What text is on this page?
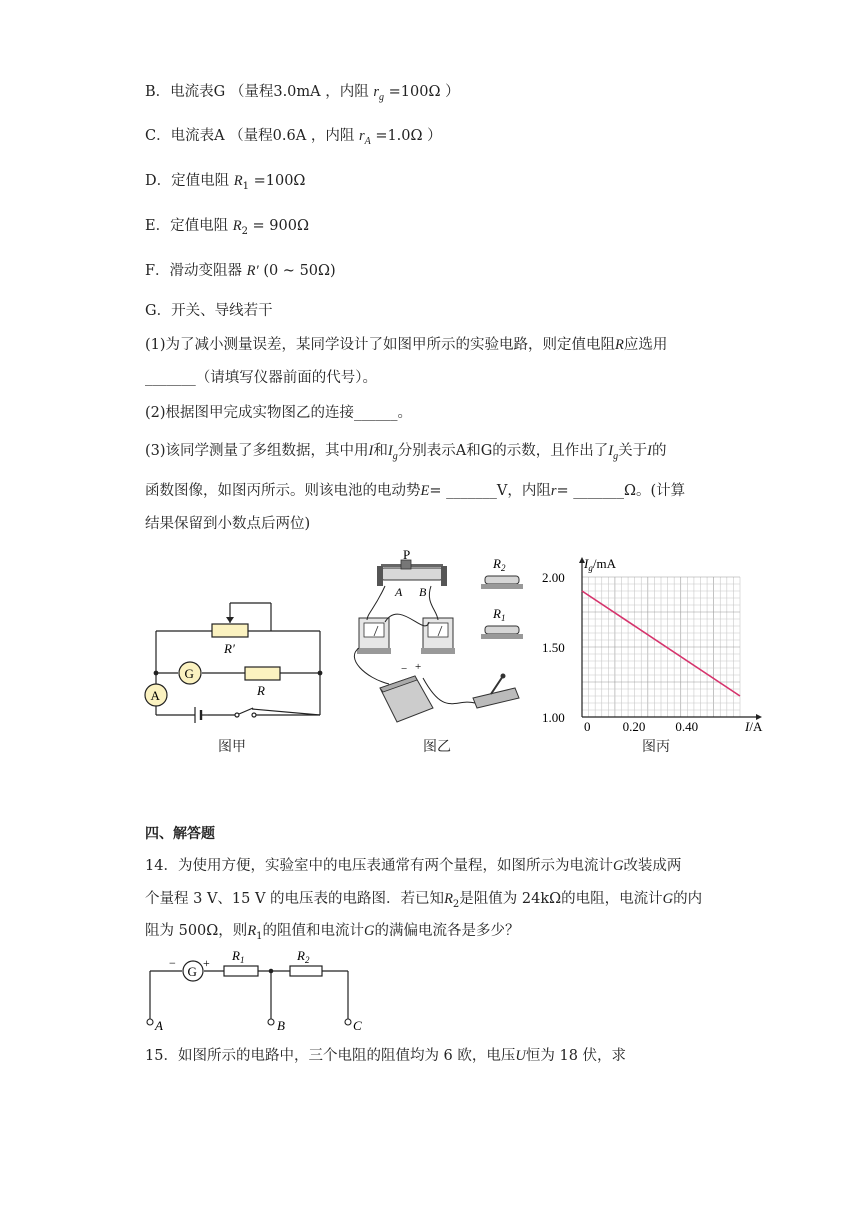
B．电流表G （量程3.0mA ，内阻 $r_g =100\Omega$ ）
C．电流表A （量程0.6A ，内阻 $r_A =1.0\Omega$ ）
D．定值电阻 $R_1 =100\Omega$
E．定值电阻 $R_2 = 900\Omega$
F．滑动变阻器 R′ (0 ~ 50Ω)
G．开关、导线若干
(1)为了减小测量误差，某同学设计了如图甲所示的实验电路，则定值电阻R应选用
_______（请填写仪器前面的代号）。
(2)根据图甲完成实物图乙的连接______。
(3)该同学测量了多组数据，其中用I和$I_g$分别表示A和G的示数，且作出了$I_g$关于I的
函数图像，如图丙所示。则该电池的电动势E= _______V，内阻r= _______Ω。(计算
结果保留到小数点后两位)
R′
R
G
A
图甲
P
A B
− +
$R_2$
$R_1$
图乙
0 0.20 0.40
1.00
1.50
2.00
$I_g/mA$
I/A
图丙
四、解答题
14．为使用方便，实验室中的电压表通常有两个量程，如图所示为电流计G改装成两
个量程 3 V、15 V 的电压表的电路图．若已知$R_2$是阻值为 24kΩ的电阻，电流计G的内
阻为 500Ω，则$R_1$的阻值和电流计G的满偏电流各是多少？
G
− + $R_1$	$R_2$
A	B	C
15．如图所示的电路中，三个电阻的阻值均为 6 欧，电压U恒为 18 伏，求
